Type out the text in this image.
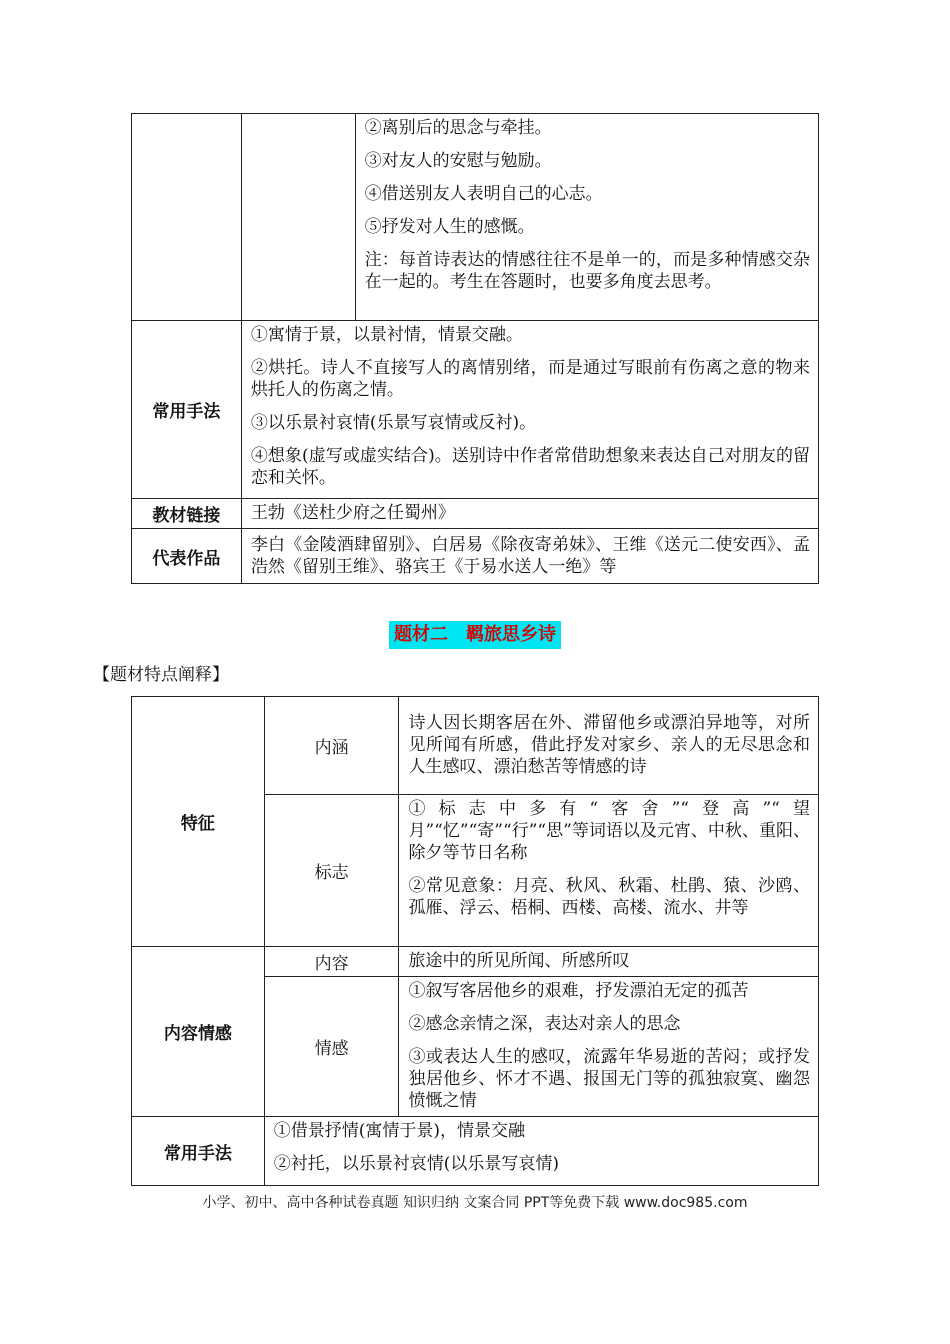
		②离别后的思念与牵挂。
③对友人的安慰与勉励。
④借送别友人表明自己的心志。
⑤抒发对人生的感慨。
注：每首诗表达的情感往往不是单一的，而是多种情感交杂在一起的。考生在答题时，也要多角度去思考。

常用手法	①寓情于景，以景衬情，情景交融。
②烘托。诗人不直接写人的离情别绪，而是通过写眼前有伤离之意的物来烘托人的伤离之情。
③以乐景衬哀情(乐景写哀情或反衬)。
④想象(虚写或虚实结合)。送别诗中作者常借助想象来表达自己对朋友的留恋和关怀。	

教材链接	王勃《送杜少府之任蜀州》	

代表作品	李白《金陵酒肆留别》、白居易《除夜寄弟妹》、王维《送元二使安西》、孟浩然《留别王维》、骆宾王《于易水送人一绝》等	
题材二　羁旅思乡诗
【题材特点阐释】
特征	内涵	诗人因长期客居在外、滞留他乡或漂泊异地等，对所见所闻有所感，借此抒发对家乡、亲人的无尽思念和人生感叹、漂泊愁苦等情感的诗

	标志	①标志中多有“客舍”“登高”“望月”“忆”“寄”“行”“思”等词语以及元宵、中秋、重阳、除夕等节日名称
②常见意象：月亮、秋风、秋霜、杜鹃、猿、沙鸥、孤雁、浮云、梧桐、西楼、高楼、流水、井等

内容情感	内容	旅途中的所见所闻、所感所叹

	情感	①叙写客居他乡的艰难，抒发漂泊无定的孤苦
②感念亲情之深，表达对亲人的思念
③或表达人生的感叹，流露年华易逝的苦闷；或抒发独居他乡、怀才不遇、报国无门等的孤独寂寞、幽怨愤慨之情

常用手法	①借景抒情(寓情于景)，情景交融
②衬托，以乐景衬哀情(以乐景写哀情)	
小学、初中、高中各种试卷真题 知识归纳 文案合同 PPT等免费下载 www.doc985.com
